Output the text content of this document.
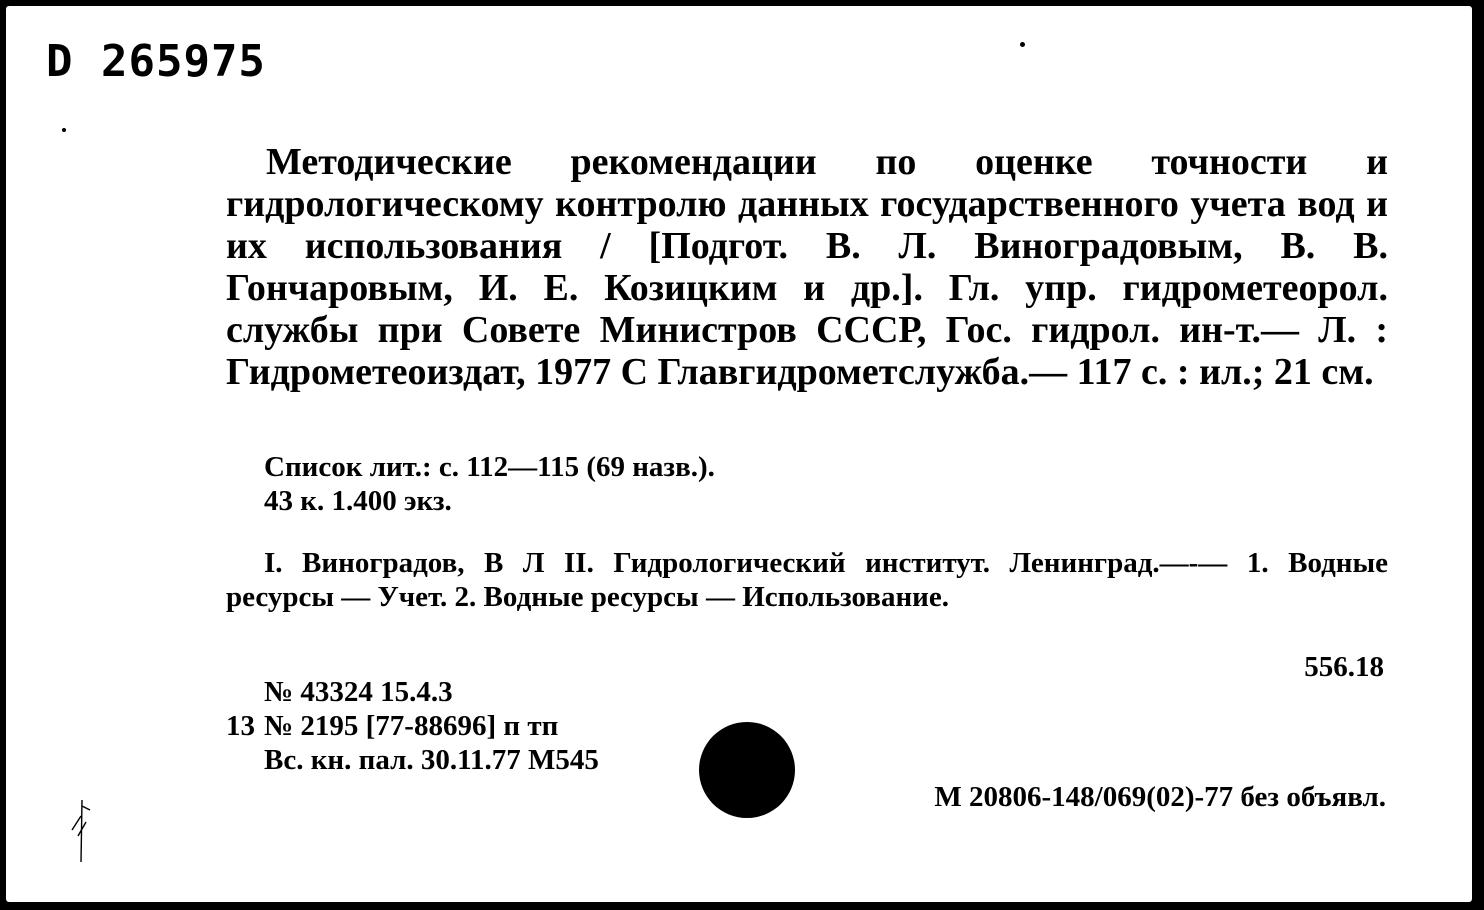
D 265975

Методические рекомендации по оценке точности и гидрологическому контролю данных государственного учета вод и их использования / [Подгот. В. Л. Виноградовым, В. В. Гончаровым, И. Е. Козицким и др.]. Гл. упр. гидрометеорол. службы при Совете Министров СССР, Гос. гидрол. ин-т.— Л. : Гидрометеоиздат, 1977 С Главгидрометслужба.— 117 с. : ил.; 21 см.

Список лит.: с. 112—115 (69 назв.).
43 к. 1.400 экз.

I. Виноградов, В Л II. Гидрологический институт. Ленинград.—-— 1. Водные ресурсы — Учет. 2. Водные ресурсы — Использование.

556.18
№ 43324 15.4.3
13 № 2195 [77-88696] п тп
Вс. кн. пал. 30.11.77 М545
М 20806-148/069(02)-77 без объявл.
